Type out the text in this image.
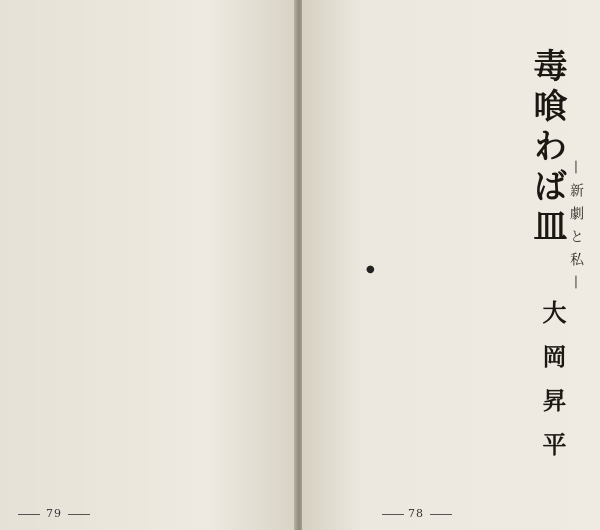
79
毒喰わば皿 —新劇と私—
大岡昇平
●
78
